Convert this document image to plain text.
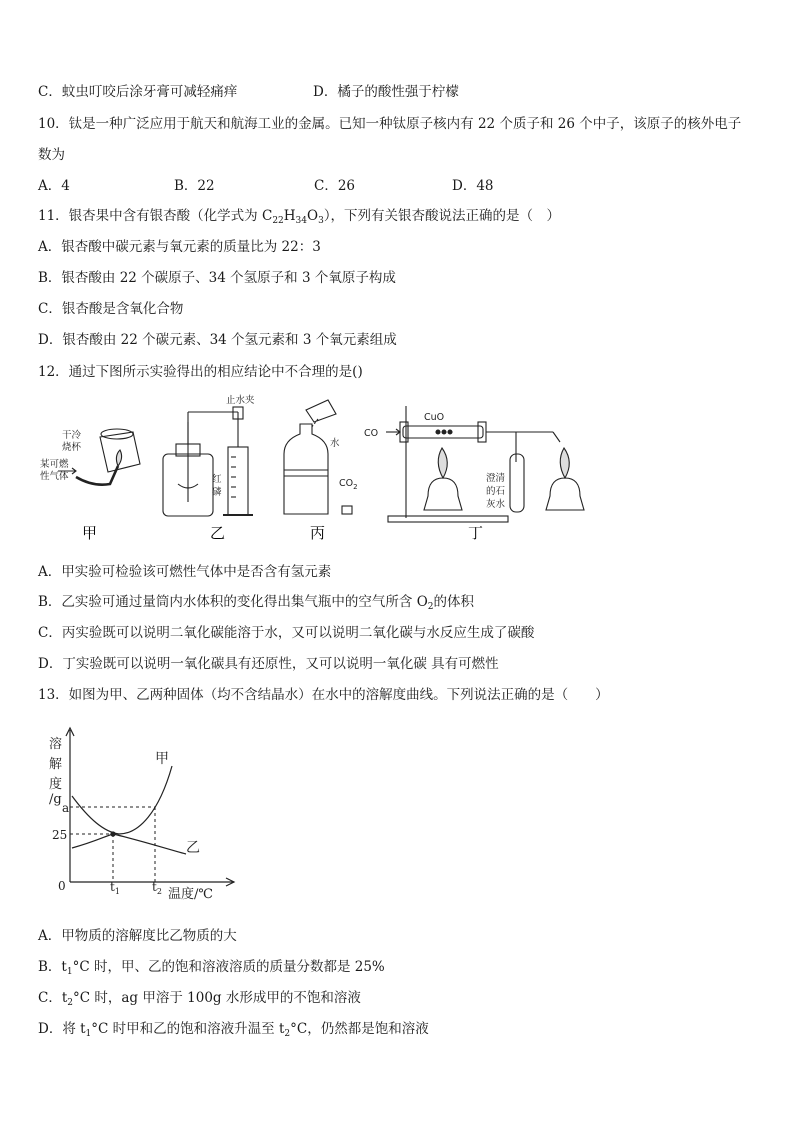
C．蚊虫叮咬后涂牙膏可减轻痛痒	D．橘子的酸性强于柠檬
10．钛是一种广泛应用于航天和航海工业的金属。已知一种钛原子核内有 22 个质子和 26 个中子，该原子的核外电子
数为
A．4	B．22	C．26	D．48
11．银杏果中含有银杏酸（化学式为 $C_{22}H_{34}O_3$），下列有关银杏酸说法正确的是（　）
A．银杏酸中碳元素与氧元素的质量比为 22：3
B．银杏酸由 22 个碳原子、34 个氢原子和 3 个氧原子构成
C．银杏酸是含氧化合物
D．银杏酸由 22 个碳元素、34 个氢元素和 3 个氧元素组成
12．通过下图所示实验得出的相应结论中不合理的是()
干冷
烧杯
某可燃
性气体
止水夹
红
磷
水
$CO_2$
CO
CuO
澄清
的石
灰水
甲	乙	丙	丁
A．甲实验可检验该可燃性气体中是否含有氢元素
B．乙实验可通过量筒内水体积的变化得出集气瓶中的空气所含 $O_2$的体积
C．丙实验既可以说明二氧化碳能溶于水，又可以说明二氧化碳与水反应生成了碳酸
D．丁实验既可以说明一氧化碳具有还原性，又可以说明一氧化碳 具有可燃性
13．如图为甲、乙两种固体（均不含结晶水）在水中的溶解度曲线。下列说法正确的是（　　）
溶
解
度
/g
a
25
0	$t_1$	$t_2$ 温度/℃
甲
乙
A．甲物质的溶解度比乙物质的大
B．$t_1^\circ C$ 时，甲、乙的饱和溶液溶质的质量分数都是 25%
C．$t_2^\circ C$ 时，ag 甲溶于 100g 水形成甲的不饱和溶液
D．将 $t_1^\circ C$ 时甲和乙的饱和溶液升温至 $t_2^\circ C$，仍然都是饱和溶液
